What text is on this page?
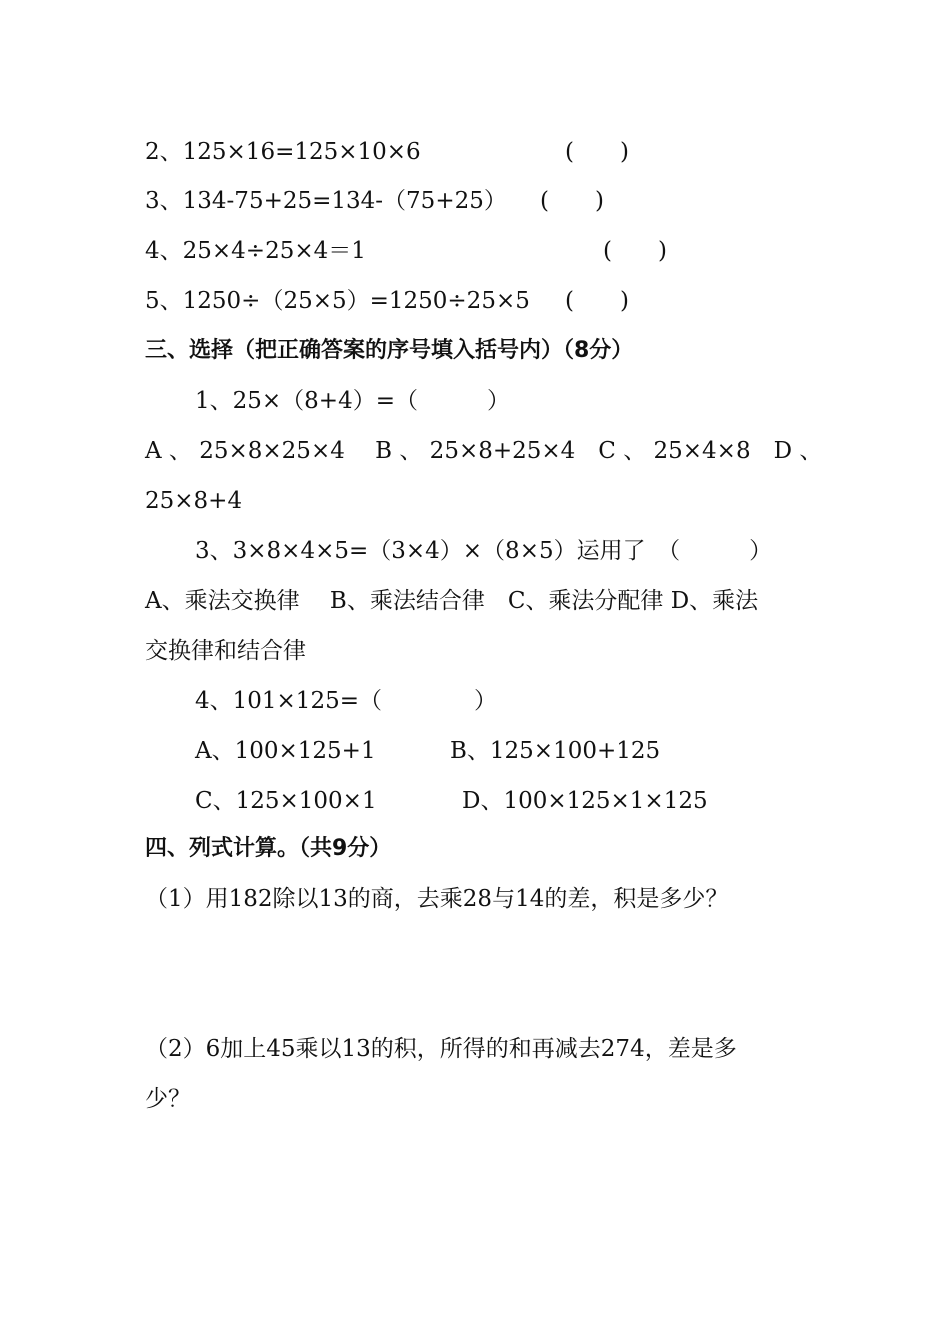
2、125×16=125×10×6	(　　)
3、134-75+25=134-（75+25） (　　)
4、25×4÷25×4＝1	(　　)
5、1250÷（25×5）=1250÷25×5 (　　)
三、选择（把正确答案的序号填入括号内）（8分）
1、25×（8+4）=（　　　）
A 、 25×8×25×4　 B 、 25×8+25×4　C 、 25×4×8　D 、
25×8+4
3、3×8×4×5=（3×4）×（8×5）运用了　（　　　）
A、乘法交换律　 B、乘法结合律　C、乘法分配律 D、乘法
交换律和结合律
4、101×125=（　　　　）
A、100×125+1	B、125×100+125
C、125×100×1	D、100×125×1×125
四、列式计算。（共9分）
（1）用182除以13的商，去乘28与14的差，积是多少？
（2）6加上45乘以13的积，所得的和再减去274，差是多
少？
